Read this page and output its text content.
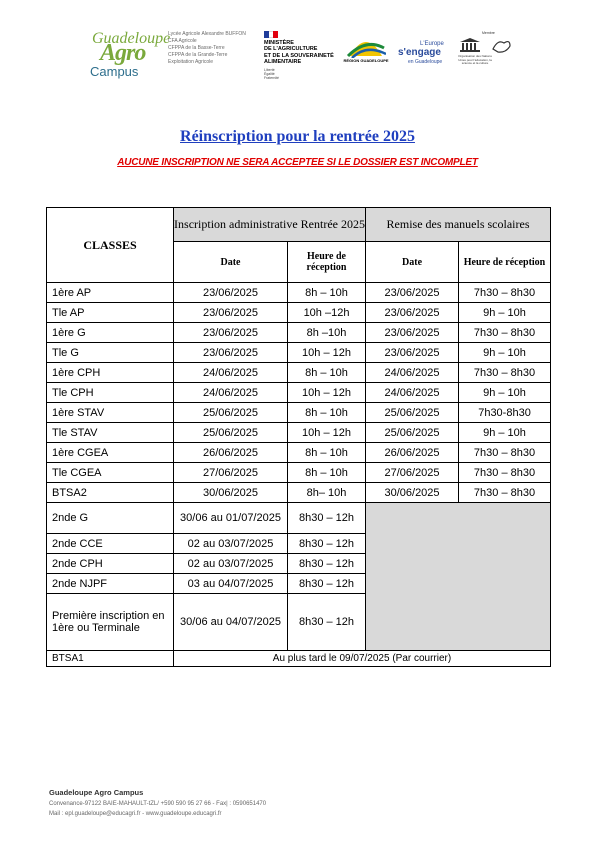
Guadeloupe
Agro
Campus
Lycée Agricole Alexandre BUFFON
CFA Agricole
CFPPA de la Basse-Terre
CFPPA de la Grande-Terre
Exploitation Agricole
MINISTÈRE
DE L'AGRICULTURE
ET DE LA SOUVERAINETÉ
ALIMENTAIRE
Liberté
Égalité
Fraternité
RÉGION GUADELOUPE
L'Europe
s'engage
en Guadeloupe
Membre
Organisation des Nations Unies pour l'éducation, la science et la culture
Réinscription pour la rentrée 2025
AUCUNE INSCRIPTION NE SERA ACCEPTEE SI LE DOSSIER EST INCOMPLET
CLASSES	Inscription administrative Rentrée 2025		Remise des manuels scolaires	
	Date	Heure de réception	Date	Heure de réception
1ère AP	23/06/2025	8h – 10h	23/06/2025	7h30 – 8h30
Tle AP	23/06/2025	10h –12h	23/06/2025	9h – 10h
1ère G	23/06/2025	8h –10h	23/06/2025	7h30 – 8h30
Tle G	23/06/2025	10h – 12h	23/06/2025	9h – 10h
1ère CPH	24/06/2025	8h – 10h	24/06/2025	7h30 – 8h30
Tle CPH	24/06/2025	10h – 12h	24/06/2025	9h – 10h
1ère STAV	25/06/2025	8h – 10h	25/06/2025	7h30-8h30
Tle STAV	25/06/2025	10h – 12h	25/06/2025	9h – 10h
1ère CGEA	26/06/2025	8h – 10h	26/06/2025	7h30 – 8h30
Tle CGEA	27/06/2025	8h – 10h	27/06/2025	7h30 – 8h30
BTSA2	30/06/2025	8h– 10h	30/06/2025	7h30 – 8h30
2nde G	30/06 au 01/07/2025	8h30 – 12h		
2nde CCE	02 au 03/07/2025	8h30 – 12h		
2nde CPH	02 au 03/07/2025	8h30 – 12h		
2nde NJPF	03 au 04/07/2025	8h30 – 12h		
Première inscription en 1ère ou Terminale	30/06 au 04/07/2025	8h30 – 12h		
BTSA1	Au plus tard le 09/07/2025 (Par courrier)			
Guadeloupe Agro Campus
Convenance-97122 BAIE-MAHAULT-tZL/ +590 590 95 27 66 - Fax| : 0590651470
Mail : epl.guadeloupe@educagri.fr - www.guadeloupe.educagri.fr
